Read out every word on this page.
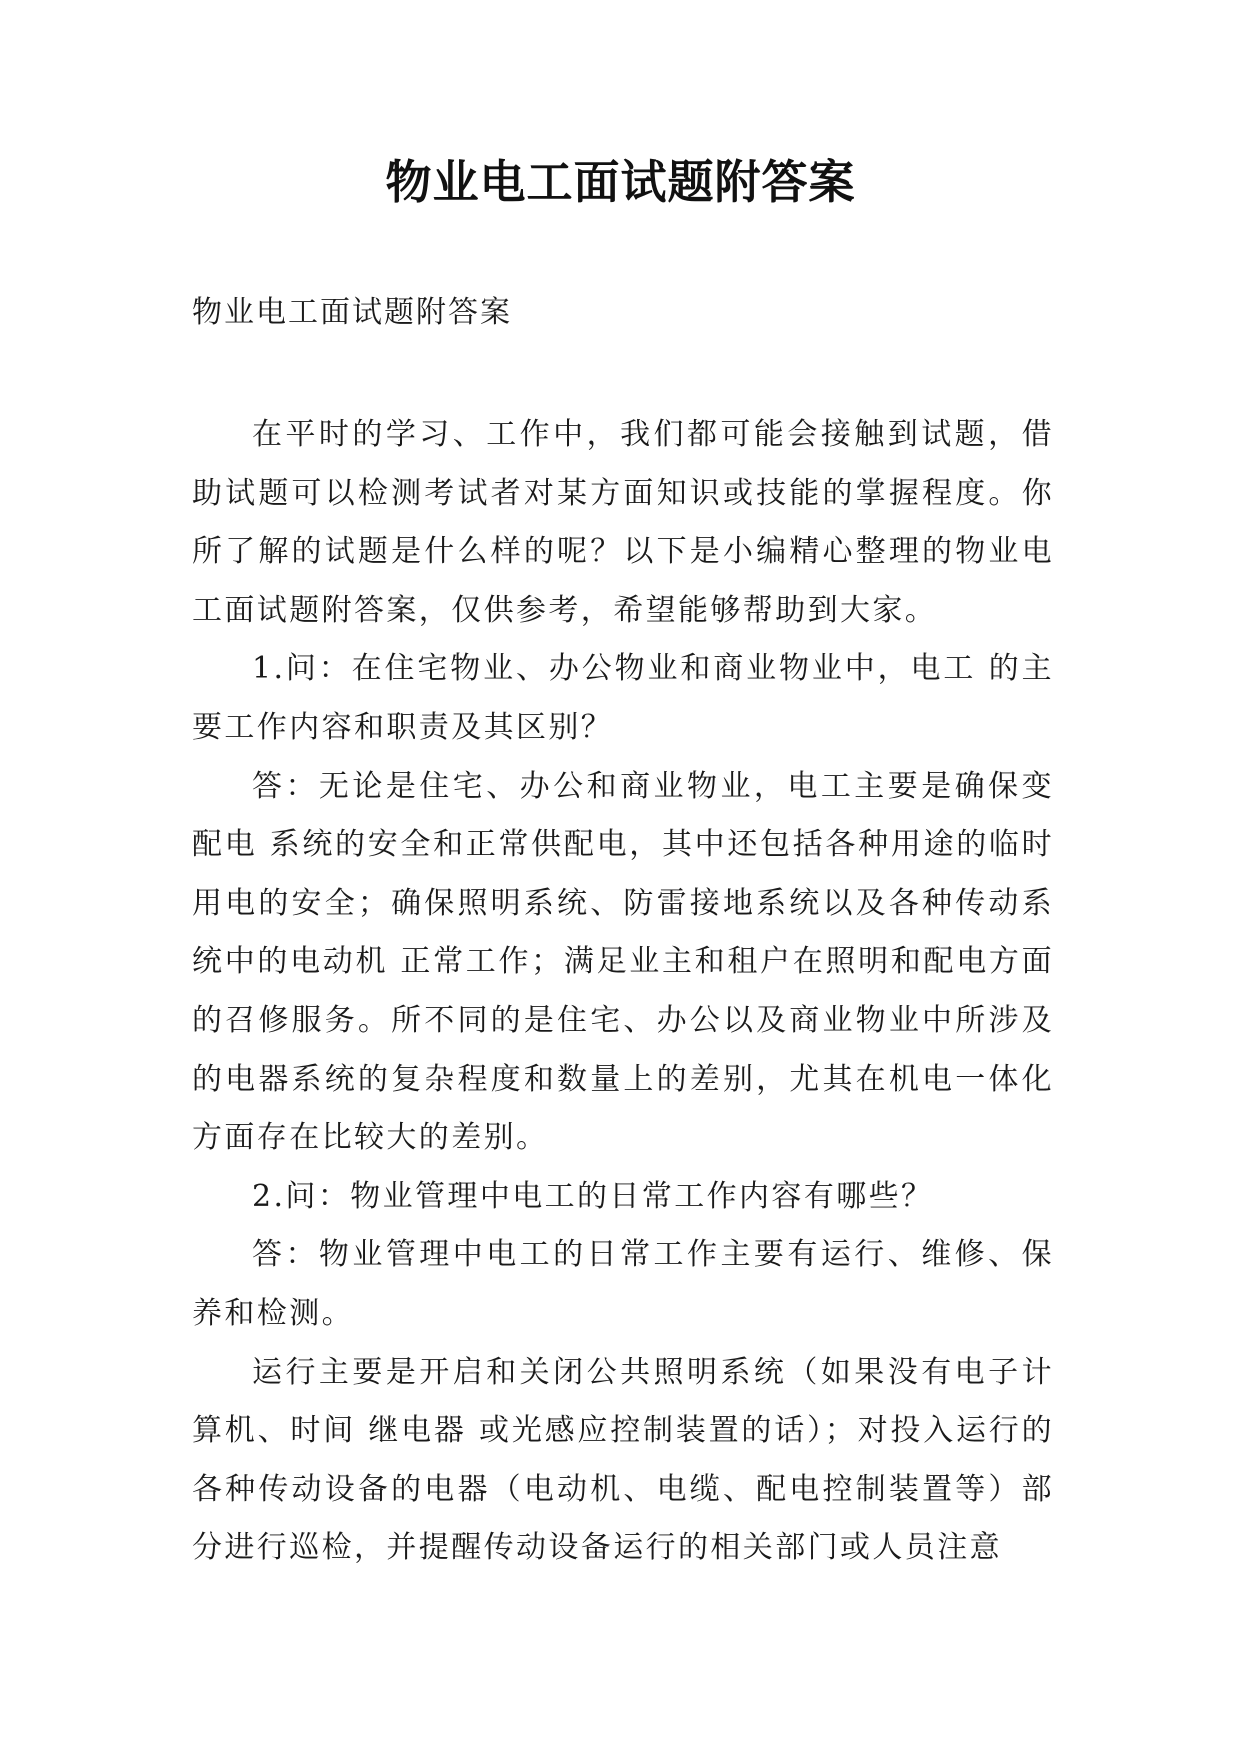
物业电工面试题附答案
物业电工面试题附答案

在平时的学习、工作中，我们都可能会接触到试题，借助试题可以检测考试者对某方面知识或技能的掌握程度。你所了解的试题是什么样的呢？以下是小编精心整理的物业电工面试题附答案，仅供参考，希望能够帮助到大家。

1.问：在住宅物业、办公物业和商业物业中，电工 的主要工作内容和职责及其区别？

答：无论是住宅、办公和商业物业，电工主要是确保变配电 系统的安全和正常供配电，其中还包括各种用途的临时用电的安全；确保照明系统、防雷接地系统以及各种传动系统中的电动机 正常工作；满足业主和租户在照明和配电方面的召修服务。所不同的是住宅、办公以及商业物业中所涉及的电器系统的复杂程度和数量上的差别，尤其在机电一体化 方面存在比较大的差别。

2.问：物业管理中电工的日常工作内容有哪些？

答：物业管理中电工的日常工作主要有运行、维修、保养和检测。

运行主要是开启和关闭公共照明系统（如果没有电子计算机、时间 继电器 或光感应控制装置的话）；对投入运行的各种传动设备的电器（电动机、电缆、配电控制装置等）部分进行巡检，并提醒传动设备运行的相关部门或人员注意
